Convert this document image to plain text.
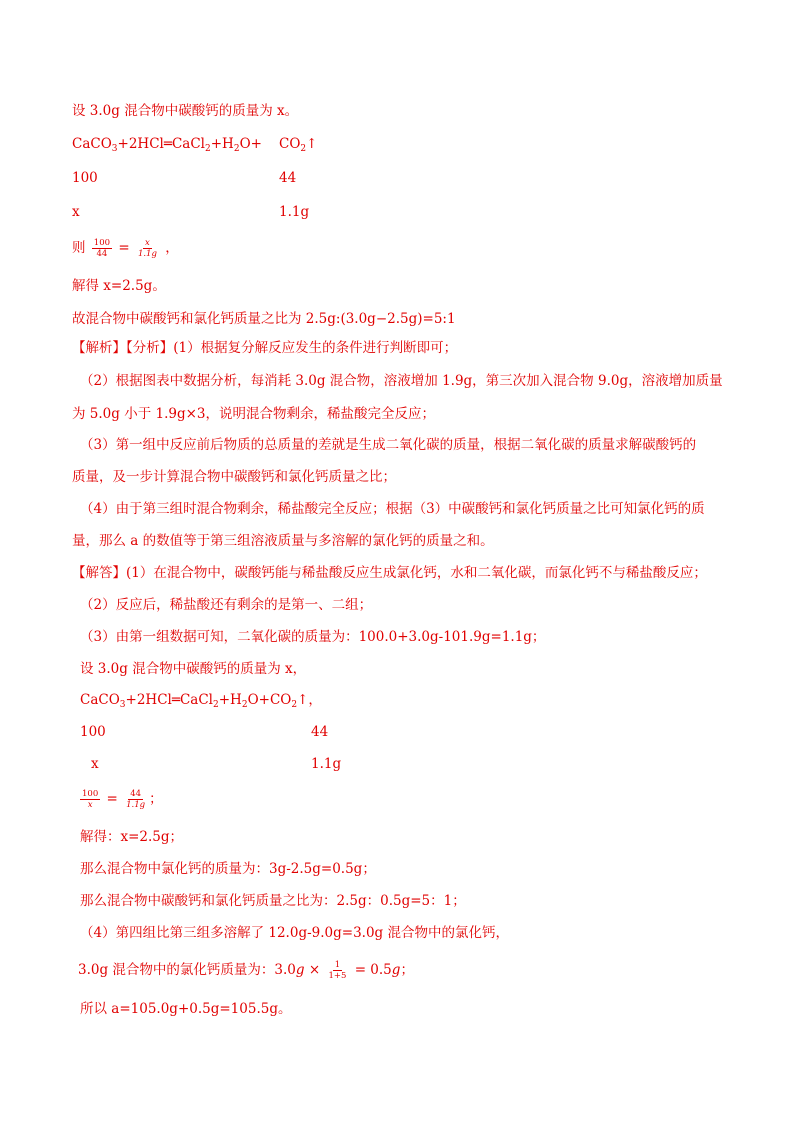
设 3.0g 混合物中碳酸钙的质量为 x。
$CaCO_3+2HCl═CaCl_2+H_2O+$ $CO_2↑$
100	44
x	1.1g
则 $\frac{100}{44} = \frac{x}{1.1g}$ ，
解得 x=2.5g。
故混合物中碳酸钙和氯化钙质量之比为 2.5g:(3.0g−2.5g)=5:1
【解析】【分析】(1）根据复分解反应发生的条件进行判断即可；
（2）根据图表中数据分析，每消耗 3.0g 混合物，溶液增加 1.9g，第三次加入混合物 9.0g，溶液增加质量
为 5.0g 小于 1.9g×3，说明混合物剩余，稀盐酸完全反应；
（3）第一组中反应前后物质的总质量的差就是生成二氧化碳的质量，根据二氧化碳的质量求解碳酸钙的
质量，及一步计算混合物中碳酸钙和氯化钙质量之比；
（4）由于第三组时混合物剩余，稀盐酸完全反应；根据（3）中碳酸钙和氯化钙质量之比可知氯化钙的质
量，那么 a 的数值等于第三组溶液质量与多溶解的氯化钙的质量之和。
【解答】(1）在混合物中，碳酸钙能与稀盐酸反应生成氯化钙，水和二氧化碳，而氯化钙不与稀盐酸反应；
（2）反应后，稀盐酸还有剩余的是第一、二组；
（3）由第一组数据可知，二氧化碳的质量为：100.0+3.0g-101.9g=1.1g；
设 3.0g 混合物中碳酸钙的质量为 x，
$CaCO_3+2HCl═CaCl_2+H_2O+CO_2↑$，
100	44
x	1.1g
$\frac{100}{x} = \frac{44}{1.1g}$ ；
解得：x=2.5g；
那么混合物中氯化钙的质量为：3g-2.5g=0.5g；
那么混合物中碳酸钙和氯化钙质量之比为：2.5g：0.5g=5：1；
（4）第四组比第三组多溶解了 12.0g-9.0g=3.0g 混合物中的氯化钙，
3.0g 混合物中的氯化钙质量为：$3.0g \times \frac{1}{1+5} = 0.5g$；
所以 a=105.0g+0.5g=105.5g。
